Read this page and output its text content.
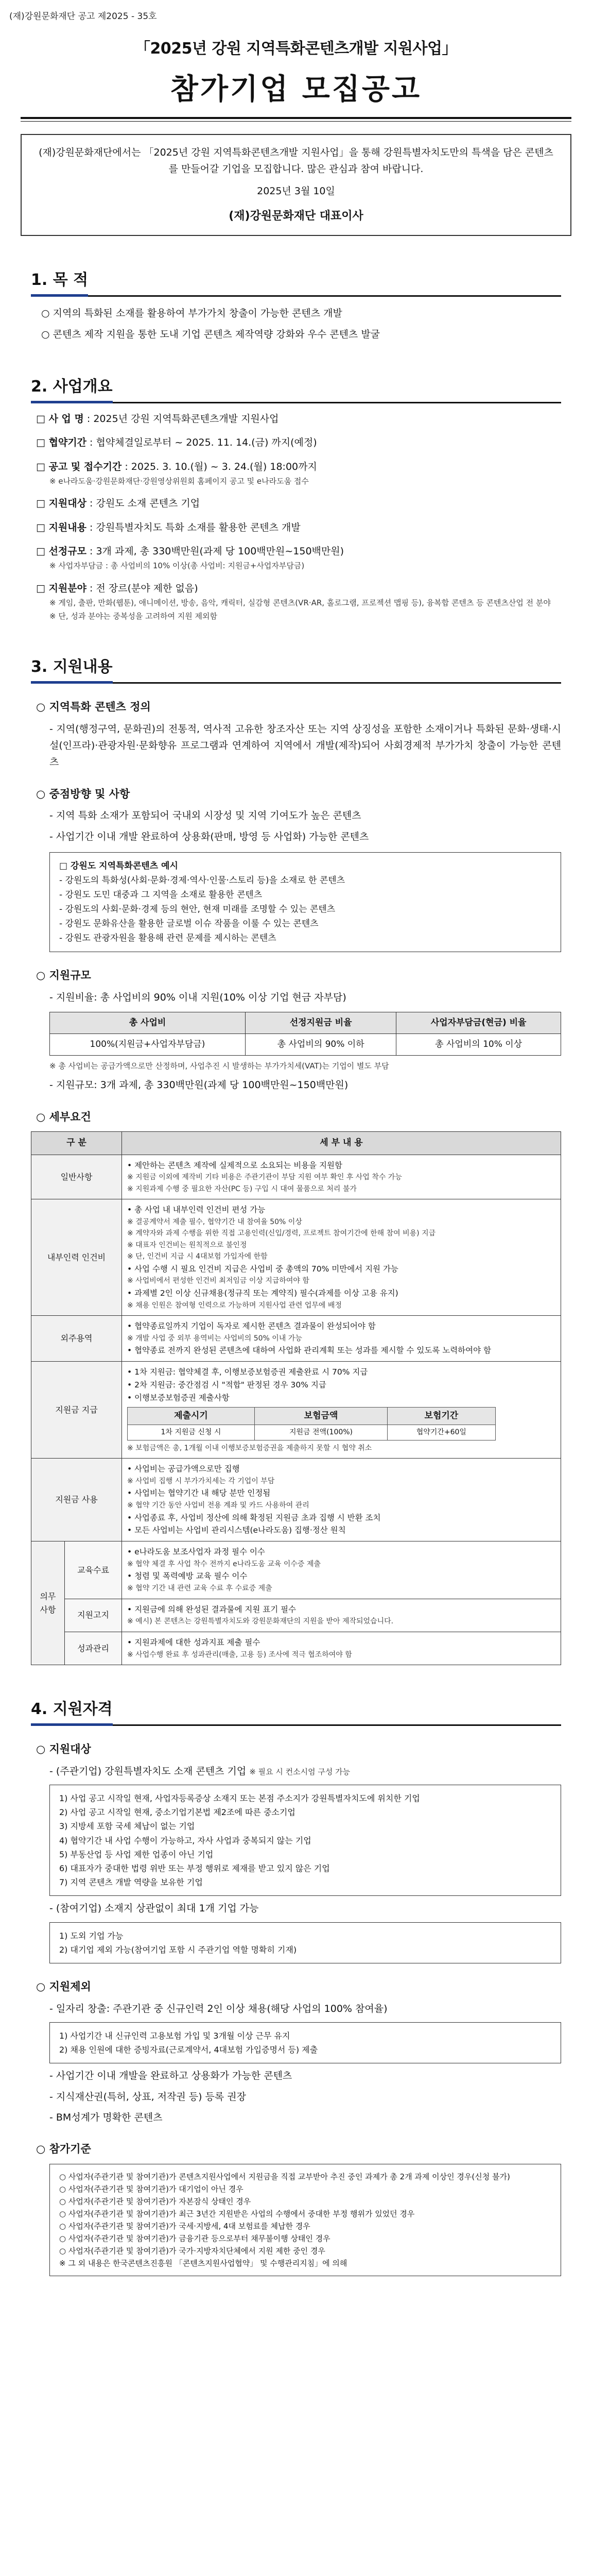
(재)강원문화재단 공고 제2025 - 35호
「2025년 강원 지역특화콘텐츠개발 지원사업」
참가기업 모집공고
(재)강원문화재단에서는 「2025년 강원 지역특화콘텐츠개발 지원사업」을 통해 강원특별자치도만의 특색을 담은 콘텐츠를 만들어갈 기업을 모집합니다. 많은 관심과 참여 바랍니다.
2025년 3월 10일
(재)강원문화재단 대표이사
1. 목 적
○ 지역의 특화된 소재를 활용하여 부가가치 창출이 가능한 콘텐츠 개발
○ 콘텐츠 제작 지원을 통한 도내 기업 콘텐츠 제작역량 강화와 우수 콘텐츠 발굴
2. 사업개요
□ 사 업 명 : 2025년 강원 지역특화콘텐츠개발 지원사업
□ 협약기간 : 협약체결일로부터 ~ 2025. 11. 14.(금) 까지(예정)
□ 공고 및 접수기간 : 2025. 3. 10.(월) ~ 3. 24.(월) 18:00까지
※ e나라도움·강원문화재단·강원영상위원회 홈페이지 공고 및 e나라도움 접수
□ 지원대상 : 강원도 소재 콘텐츠 기업
□ 지원내용 : 강원특별자치도 특화 소재를 활용한 콘텐츠 개발
□ 선정규모 : 3개 과제, 총 330백만원(과제 당 100백만원~150백만원)
※ 사업자부담금 : 총 사업비의 10% 이상(총 사업비: 지원금+사업자부담금)
□ 지원분야 : 전 장르(분야 제한 없음)
※ 게임, 출판, 만화(웹툰), 애니메이션, 방송, 음악, 캐릭터, 실감형 콘텐츠(VR·AR, 홀로그램, 프로젝션 맵핑 등), 융복합 콘텐츠 등 콘텐츠산업 전 분야
※ 단, 성과 분야는 중복성을 고려하여 지원 제외함
3. 지원내용
○ 지역특화 콘텐츠 정의
- 지역(행정구역, 문화권)의 전통적, 역사적 고유한 창조자산 또는 지역 상징성을 포함한 소재이거나 특화된 문화·생태·시설(인프라)·관광자원·문화향유 프로그램과 연계하여 지역에서 개발(제작)되어 사회경제적 부가가치 창출이 가능한 콘텐츠
○ 중점방향 및 사항
- 지역 특화 소재가 포함되어 국내외 시장성 및 지역 기여도가 높은 콘텐츠
- 사업기간 이내 개발 완료하여 상용화(판매, 방영 등 사업화) 가능한 콘텐츠
□ 강원도 지역특화콘텐츠 예시
- 강원도의 특화성(사회·문화·경제·역사·인물·스토리 등)을 소재로 한 콘텐츠
- 강원도 도민 대중과 그 지역을 소재로 활용한 콘텐츠
- 강원도의 사회·문화·경제 등의 현안, 현재 미래를 조명할 수 있는 콘텐츠
- 강원도 문화유산을 활용한 글로벌 이슈 작품을 이룰 수 있는 콘텐츠
- 강원도 관광자원을 활용해 관련 문제를 제시하는 콘텐츠
○ 지원규모
- 지원비율: 총 사업비의 90% 이내 지원(10% 이상 기업 현금 자부담)
총 사업비	선정지원금 비율	사업자부담금(현금) 비율
100%(지원금+사업자부담금)	총 사업비의 90% 이하	총 사업비의 10% 이상
※ 총 사업비는 공급가액으로만 산정하며, 사업추진 시 발생하는 부가가치세(VAT)는 기업이 별도 부담
- 지원규모: 3개 과제, 총 330백만원(과제 당 100백만원~150백만원)
○ 세부요건
구 분	세 부 내 용
일반사항	
• 제안하는 콘텐츠 제작에 실제적으로 소요되는 비용을 지원함
※ 지원금 이외에 제작비 기타 비용은 주관기관이 부담 지원 여부 확인 후 사업 착수 가능
※ 지원과제 수행 중 필요한 자산(PC 등) 구입 시 대여 물품으로 처리 불가

내부인력 인건비	
• 총 사업 내 내부인력 인건비 편성 가능
※ 결공계약서 제출 필수, 협약기간 내 참여율 50% 이상
※ 계약자와 과제 수행을 위한 직접 고용인력(신입/경력, 프로젝트 참여기간에 한해 참여 비용) 지급
※ 대표자 인건비는 원칙적으로 불인정
※ 단, 인건비 지급 시 4대보험 가입자에 한함
• 사업 수행 시 필요 인건비 지급은 사업비 중 총액의 70% 미만에서 지원 가능
※ 사업비에서 편성한 인건비 최저임금 이상 지급하여야 함
• 과제별 2인 이상 신규채용(정규직 또는 계약직) 필수(과제를 이상 고용 유지)
※ 채용 인원은 참여형 인력으로 가능하며 지원사업 관련 업무에 배정

외주용역	
• 협약종료일까지 기업이 독자로 제시한 콘텐츠 결과물이 완성되어야 함
※ 개발 사업 중 외부 용역비는 사업비의 50% 이내 가능
• 협약종료 전까지 완성된 콘텐츠에 대하여 사업화 관리계획 또는 성과를 제시할 수 있도록 노력하여야 함

지원금 지급	
• 1차 지원금: 협약체결 후, 이행보증보험증권 제출완료 시 70% 지급
• 2차 지원금: 중간점검 시 "적합" 판정된 경우 30% 지급
• 이행보증보험증권 제출사항
제출시기	보험금액	보험기간
1차 지원금 신청 시	지원금 전액(100%)	협약기간+60일
※ 보험금액은 총, 1개월 이내 이행보증보험증권을 제출하지 못할 시 협약 취소

지원금 사용	
• 사업비는 공급가액으로만 집행
※ 사업비 집행 시 부가가치세는 각 기업이 부담
• 사업비는 협약기간 내 해당 분만 인정됨
※ 협약 기간 동안 사업비 전용 계좌 및 카드 사용하여 관리
• 사업종료 후, 사업비 정산에 의해 확정된 지원금 초과 집행 시 반환 조치
• 모든 사업비는 사업비 관리시스템(e나라도움) 집행·정산 원칙

의무사항	교육수료	
• e나라도움 보조사업자 과정 필수 이수
※ 협약 체결 후 사업 착수 전까지 e나라도움 교육 이수증 제출
• 청렴 및 폭력예방 교육 필수 이수
※ 협약 기간 내 관련 교육 수료 후 수료증 제출

지원고지	
• 지원금에 의해 완성된 결과물에 지원 표기 필수
※ 예시) 본 콘텐츠는 강원특별자치도와 강원문화재단의 지원을 받아 제작되었습니다.

성과관리	
• 지원과제에 대한 성과지표 제출 필수
※ 사업수행 완료 후 성과관리(매출, 고용 등) 조사에 적극 협조하여야 함
4. 지원자격
○ 지원대상
- (주관기업) 강원특별자치도 소재 콘텐츠 기업 ※ 필요 시 컨소시엄 구성 가능
1) 사업 공고 시작일 현재, 사업자등록증상 소재지 또는 본점 주소지가 강원특별자치도에 위치한 기업
2) 사업 공고 시작일 현재, 중소기업기본법 제2조에 따른 중소기업
3) 지방세 포함 국세 체납이 없는 기업
4) 협약기간 내 사업 수행이 가능하고, 자사 사업과 중복되지 않는 기업
5) 부동산업 등 사업 제한 업종이 아닌 기업
6) 대표자가 중대한 법령 위반 또는 부정 행위로 제재를 받고 있지 않은 기업
7) 지역 콘텐츠 개발 역량을 보유한 기업
- (참여기업) 소재지 상관없이 최대 1개 기업 가능
1) 도외 기업 가능
2) 대기업 제외 가능(참여기업 포함 시 주관기업 역할 명확히 기재)
○ 지원제외
- 일자리 창출: 주관기관 중 신규인력 2인 이상 채용(해당 사업의 100% 참여율)
1) 사업기간 내 신규인력 고용보험 가입 및 3개월 이상 근무 유지
2) 채용 인원에 대한 증빙자료(근로계약서, 4대보험 가입증명서 등) 제출
- 사업기간 이내 개발을 완료하고 상용화가 가능한 콘텐츠
- 지식재산권(특허, 상표, 저작권 등) 등록 권장
- BM성계가 명확한 콘텐츠
○ 참가기준
○ 사업자(주관기관 및 참여기관)가 콘텐츠지원사업에서 지원금을 직접 교부받아 추진 중인 과제가 총 2개 과제 이상인 경우(신청 불가)
○ 사업자(주관기관 및 참여기관)가 대기업이 아닌 경우
○ 사업자(주관기관 및 참여기관)가 자본잠식 상태인 경우
○ 사업자(주관기관 및 참여기관)가 최근 3년간 지원받은 사업의 수행에서 중대한 부정 행위가 있었던 경우
○ 사업자(주관기관 및 참여기관)가 국세·지방세, 4대 보험료를 체납한 경우
○ 사업자(주관기관 및 참여기관)가 금융기관 등으로부터 채무불이행 상태인 경우
○ 사업자(주관기관 및 참여기관)가 국가·지방자치단체에서 지원 제한 중인 경우
※ 그 외 내용은 한국콘텐츠진흥원 「콘텐츠지원사업협약」 및 수행관리지침」에 의해
